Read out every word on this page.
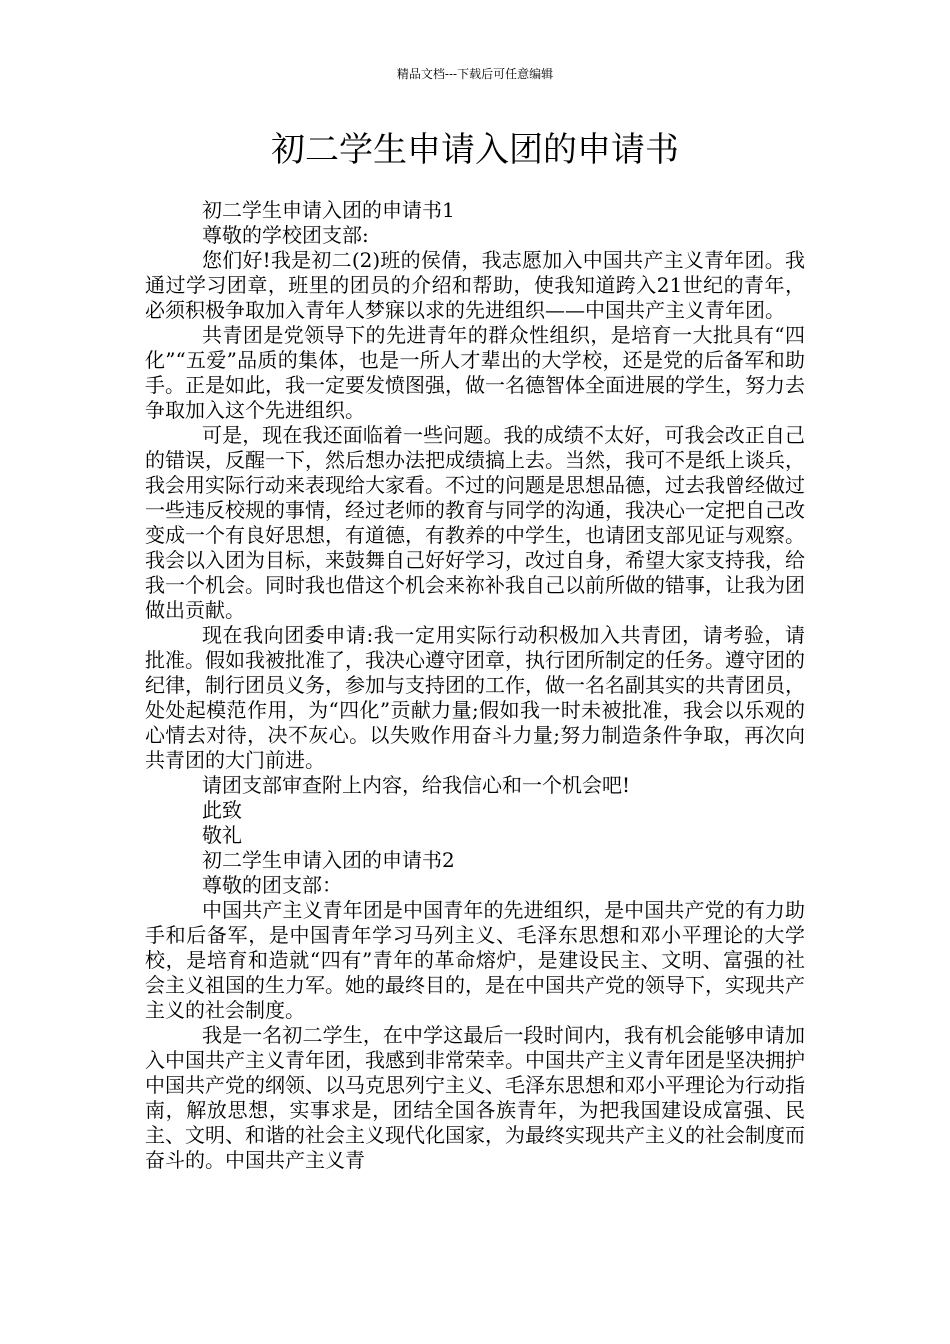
精品文档---下载后可任意编辑
初二学生申请入团的申请书

初二学生申请入团的申请书1

尊敬的学校团支部:

您们好!我是初二(2)班的侯倩，我志愿加入中国共产主义青年团。我通过学习团章，班里的团员的介绍和帮助，使我知道跨入21世纪的青年，必须积极争取加入青年人梦寐以求的先进组织——中国共产主义青年团。

共青团是党领导下的先进青年的群众性组织，是培育一大批具有“四化”“五爱”品质的集体，也是一所人才辈出的大学校，还是党的后备军和助手。正是如此，我一定要发愤图强，做一名德智体全面进展的学生，努力去争取加入这个先进组织。

可是，现在我还面临着一些问题。我的成绩不太好，可我会改正自己的错误，反醒一下，然后想办法把成绩搞上去。当然，我可不是纸上谈兵，我会用实际行动来表现给大家看。不过的问题是思想品德，过去我曾经做过一些违反校规的事情，经过老师的教育与同学的沟通，我决心一定把自己改变成一个有良好思想，有道德，有教养的中学生，也请团支部见证与观察。我会以入团为目标，来鼓舞自己好好学习，改过自身，希望大家支持我，给我一个机会。同时我也借这个机会来祢补我自己以前所做的错事，让我为团做出贡献。

现在我向团委申请:我一定用实际行动积极加入共青团，请考验，请批准。假如我被批准了，我决心遵守团章，执行团所制定的任务。遵守团的纪律，制行团员义务，参加与支持团的工作，做一名名副其实的共青团员，处处起模范作用，为“四化”贡献力量;假如我一时未被批准，我会以乐观的心情去对待，决不灰心。以失败作用奋斗力量;努力制造条件争取，再次向共青团的大门前进。

请团支部审查附上内容，给我信心和一个机会吧!

此致

敬礼

初二学生申请入团的申请书2

尊敬的团支部：

中国共产主义青年团是中国青年的先进组织，是中国共产党的有力助手和后备军，是中国青年学习马列主义、毛泽东思想和邓小平理论的大学校，是培育和造就“四有”青年的革命熔炉，是建设民主、文明、富强的社会主义祖国的生力军。她的最终目的，是在中国共产党的领导下，实现共产主义的社会制度。

我是一名初二学生，在中学这最后一段时间内，我有机会能够申请加入中国共产主义青年团，我感到非常荣幸。中国共产主义青年团是坚决拥护中国共产党的纲领、以马克思列宁主义、毛泽东思想和邓小平理论为行动指南，解放思想，实事求是，团结全国各族青年，为把我国建设成富强、民主、文明、和谐的社会主义现代化国家，为最终实现共产主义的社会制度而奋斗的。中国共产主义青
